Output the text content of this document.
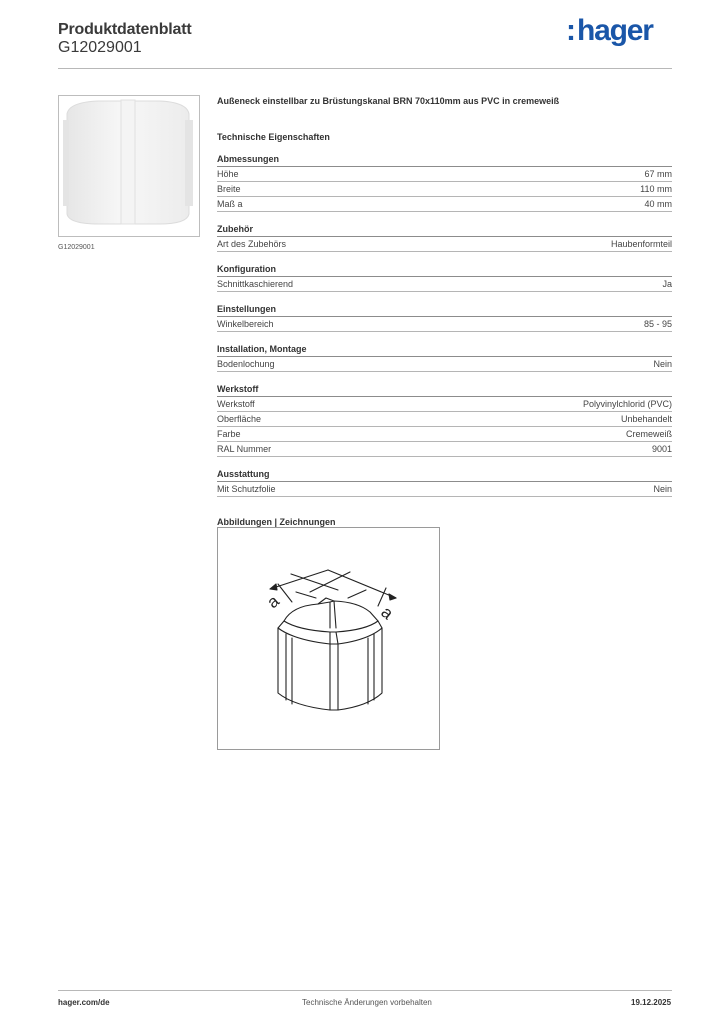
Produktdatenblatt
G12029001
:hager
G12029001
Außeneck einstellbar zu Brüstungskanal BRN 70x110mm aus PVC in cremeweiß
Technische Eigenschaften
Abmessungen
Höhe	67 mm
Breite	110 mm
Maß a	40 mm
Zubehör
Art des Zubehörs	Haubenformteil
Konfiguration
Schnittkaschierend	Ja
Einstellungen
Winkelbereich	85 - 95
Installation, Montage
Bodenlochung	Nein
Werkstoff
Werkstoff	Polyvinylchlorid (PVC)
Oberfläche	Unbehandelt
Farbe	Cremeweiß
RAL Nummer	9001
Ausstattung
Mit Schutzfolie	Nein
Abbildungen | Zeichnungen
a
a
hager.com/de	Technische Änderungen vorbehalten	19.12.2025
